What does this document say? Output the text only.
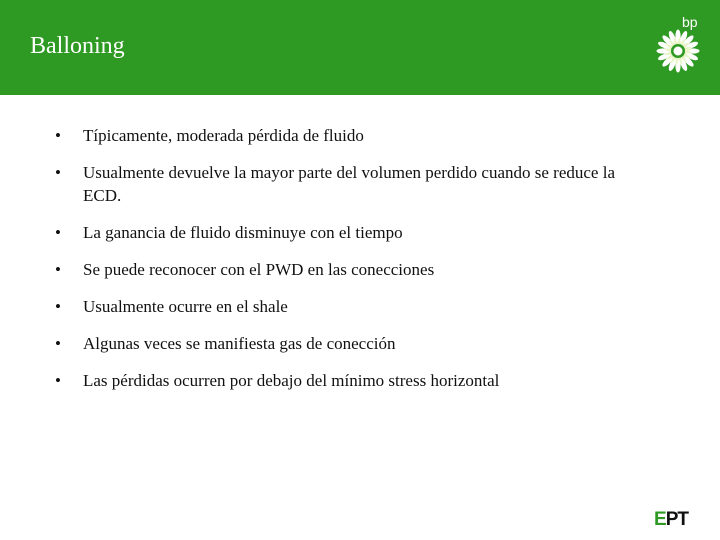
Balloning
bp
• Típicamente, moderada pérdida de fluido
• Usualmente devuelve la mayor parte del volumen perdido cuando se reduce la ECD.
• La ganancia de fluido disminuye con el tiempo
• Se puede reconocer con el PWD en las conecciones
• Usualmente ocurre en el shale
• Algunas veces se manifiesta gas de conección
• Las pérdidas ocurren por debajo del mínimo stress horizontal
EPT
